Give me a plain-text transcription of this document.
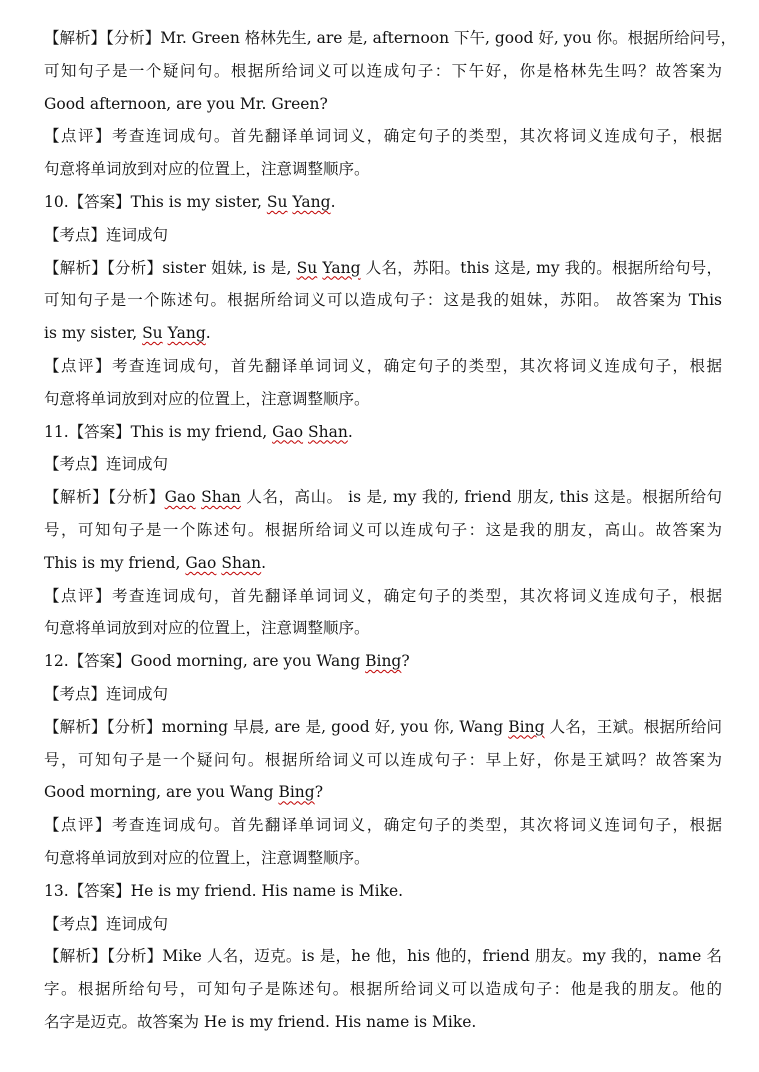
【解析】【分析】Mr. Green 格林先生, are 是, afternoon 下午, good 好, you 你。根据所给问号，
可知句子是一个疑问句。根据所给词义可以连成句子：下午好，你是格林先生吗？故答案为
Good afternoon, are you Mr. Green?
【点评】考查连词成句。首先翻译单词词义，确定句子的类型，其次将词义连成句子，根据
句意将单词放到对应的位置上，注意调整顺序。
10.【答案】This is my sister, Su Yang.
【考点】连词成句
【解析】【分析】sister 姐妹, is 是, Su Yang 人名，苏阳。this 这是, my 我的。根据所给句号，
可知句子是一个陈述句。根据所给词义可以造成句子：这是我的姐妹，苏阳。 故答案为 This
is my sister, Su Yang.
【点评】考查连词成句，首先翻译单词词义，确定句子的类型，其次将词义连成句子，根据
句意将单词放到对应的位置上，注意调整顺序。
11.【答案】This is my friend, Gao Shan.
【考点】连词成句
【解析】【分析】Gao Shan 人名，高山。 is 是, my 我的, friend 朋友, this 这是。根据所给句
号，可知句子是一个陈述句。根据所给词义可以连成句子：这是我的朋友，高山。故答案为
This is my friend, Gao Shan.
【点评】考查连词成句，首先翻译单词词义，确定句子的类型，其次将词义连成句子，根据
句意将单词放到对应的位置上，注意调整顺序。
12.【答案】Good morning, are you Wang Bing?
【考点】连词成句
【解析】【分析】morning 早晨, are 是, good 好, you 你, Wang Bing 人名，王斌。根据所给问
号，可知句子是一个疑问句。根据所给词义可以连成句子：早上好，你是王斌吗？故答案为
Good morning, are you Wang Bing?
【点评】考查连词成句。首先翻译单词词义，确定句子的类型，其次将词义连词句子，根据
句意将单词放到对应的位置上，注意调整顺序。
13.【答案】He is my friend. His name is Mike.
【考点】连词成句
【解析】【分析】Mike 人名，迈克。is 是，he 他，his 他的，friend 朋友。my 我的，name 名
字。根据所给句号，可知句子是陈述句。根据所给词义可以造成句子：他是我的朋友。他的
名字是迈克。故答案为 He is my friend. His name is Mike.
